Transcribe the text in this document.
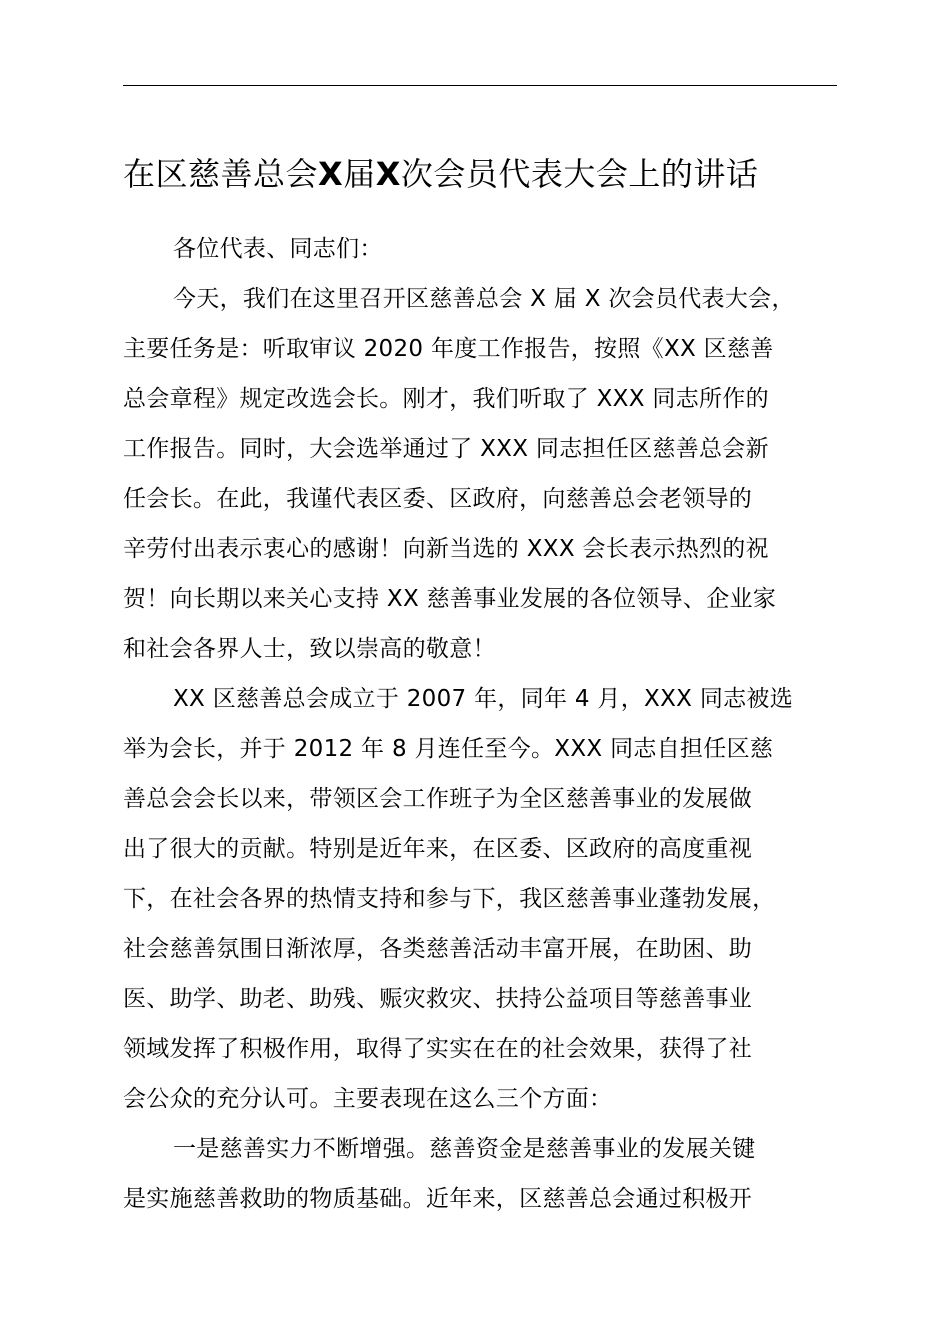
在区慈善总会X届X次会员代表大会上的讲话
各位代表、同志们：
今天，我们在这里召开区慈善总会 X 届 X 次会员代表大会，
主要任务是：听取审议 2020 年度工作报告，按照《XX 区慈善
总会章程》规定改选会长。刚才，我们听取了 XXX 同志所作的
工作报告。同时，大会选举通过了 XXX 同志担任区慈善总会新
任会长。在此，我谨代表区委、区政府，向慈善总会老领导的
辛劳付出表示衷心的感谢！向新当选的 XXX 会长表示热烈的祝
贺！向长期以来关心支持 XX 慈善事业发展的各位领导、企业家
和社会各界人士，致以崇高的敬意！
XX 区慈善总会成立于 2007 年，同年 4 月，XXX 同志被选
举为会长，并于 2012 年 8 月连任至今。XXX 同志自担任区慈
善总会会长以来，带领区会工作班子为全区慈善事业的发展做
出了很大的贡献。特别是近年来，在区委、区政府的高度重视
下，在社会各界的热情支持和参与下，我区慈善事业蓬勃发展，
社会慈善氛围日渐浓厚，各类慈善活动丰富开展，在助困、助
医、助学、助老、助残、赈灾救灾、扶持公益项目等慈善事业
领域发挥了积极作用，取得了实实在在的社会效果，获得了社
会公众的充分认可。主要表现在这么三个方面：
一是慈善实力不断增强。慈善资金是慈善事业的发展关键
是实施慈善救助的物质基础。近年来，区慈善总会通过积极开
